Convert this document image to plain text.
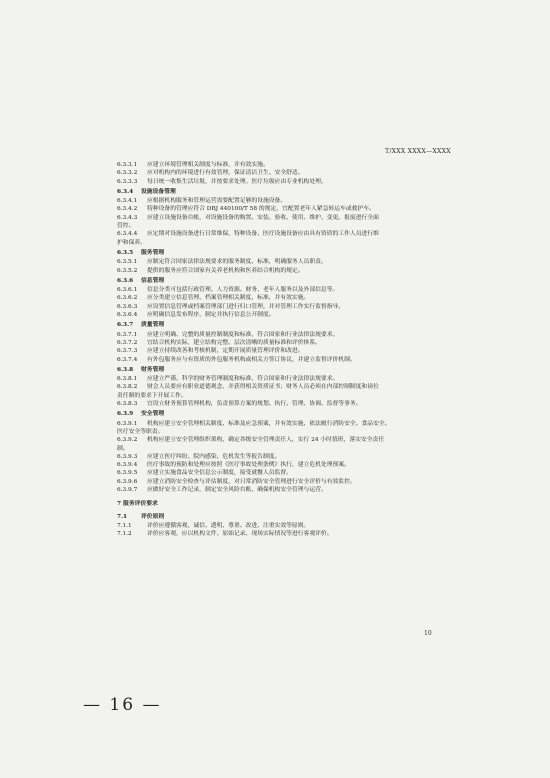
T/XXX XXXX—XXXX
6.3.3.1 应建立环境管理相关制度与标准，并有效实施。
6.3.3.2 应对机构内的环境进行有效管理，保证清洁卫生、安全舒适。
6.3.3.3 每日统一收集生活垃圾，并按要求处理。医疗垃圾应由专业机构处理。
6.3.4 设施设备管理
6.3.4.1 应根据机构服务和管理运营需要配置足够的设施设备。
6.3.4.2 特种设备的管理应符合 DBJ 440100/T 58 的规定，宜配置老年人紧急转运车或救护车。
6.3.4.3 应建立设施设备台帐，对设施设备的购置、安装、验收、使用、维护、变更、报废进行全面
管控。
6.3.4.4 应定期对设施设备进行日常维保，特种设备、医疗设施设备应由具有资质的工作人员进行维
护和保养。
6.3.5 服务管理
6.3.5.1 应制定符合国家法律法规要求的服务制度、标准，明确服务人员职责。
6.3.5.2 提供的服务应符合国家有关养老机构和医养结合机构的规定。
6.3.6 信息管理
6.3.6.1 信息分类可包括行政管理、人力资源、财务、老年人服务以及外部信息等。
6.3.6.2 应分类建立信息管理、档案管理相关制度、标准，并有效实施。
6.3.6.3 应设置信息管理或档案管理部门进行归口管理，并对管理工作实行监督指导。
6.3.6.4 应明确信息发布程序，制定并执行信息公开制度。
6.3.7 质量管理
6.3.7.1 应建立明确、完整的质量控制制度和标准，符合国家和行业法律法规要求。
6.3.7.2 宜结合机构实际，建立结构完整、层次清晰的质量标准和评价体系。
6.3.7.3 应建立持续改善和考核机制，定期开展质量管理评价和改进。
6.3.7.4 有外包服务应与有资质的外包服务机构或相关方签订协议，并建立监督评价机制。
6.3.8 财务管理
6.3.8.1 应建立严谨、科学的财务管理制度和标准，符合国家和行业法律法规要求。
6.3.8.2 财会人员要应有职业道德观念，并获得相关资质证书；财务人员必须在内部控制制度和岗位
责任制的要求下开展工作。
6.3.8.3 宜设立财务预算管理机构，负责预算方案的规划、执行、管理、协调、监督等事务。
6.3.9 安全管理
6.3.9.1 机构应建立安全管理相关制度、标准及应急预案，并有效实施，依法履行消防安全、食品安全、
医疗安全等职责。
6.3.9.2 机构应建立安全管理组织架构，确定各级安全管理责任人，实行 24 小时值班，落实安全责任
制。
6.3.9.3 应建立医疗纠纷、院内感染、危机发生等报告制度。
6.3.9.4 医疗事故的预防和处理应按照《医疗事故处理条例》执行，建立危机处理预案。
6.3.9.5 应建立实施食品安全信息公示制度，接受就餐人员监督。
6.3.9.6 应建立消防安全检查与评估制度，对日常消防安全管理进行安全评价与有效监控。
6.3.9.7 应做好安全工作记录，制定安全风险台账、确保机构安全管理与运营。
7 服务评价要求
7.1 评价原则
7.1.1	评价应遵循客观、诚信、透明、尊重、改进、注重实效等原则。
7.1.2	评价应客观，应以机构文件、原始记录、现场实际情况等进行客观评价。
10
— 16 —
